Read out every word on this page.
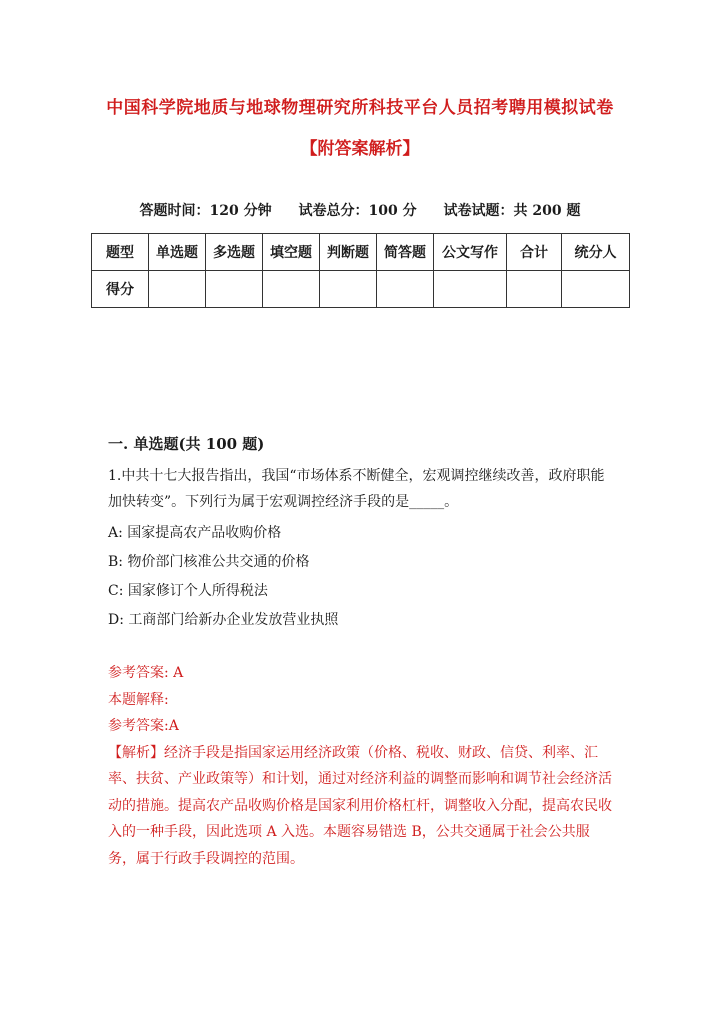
中国科学院地质与地球物理研究所科技平台人员招考聘用模拟试卷
【附答案解析】
答题时间：120 分钟 试卷总分：100 分 试卷试题：共 200 题
题型	单选题	多选题	填空题	判断题	简答题	公文写作	合计	统分人
得分								
一. 单选题(共 100 题)
1.中共十七大报告指出，我国“市场体系不断健全，宏观调控继续改善，政府职能加快转变”。下列行为属于宏观调控经济手段的是_____。
A: 国家提高农产品收购价格
B: 物价部门核准公共交通的价格
C: 国家修订个人所得税法
D: 工商部门给新办企业发放营业执照
参考答案: A
本题解释:
参考答案:A
【解析】经济手段是指国家运用经济政策（价格、税收、财政、信贷、利率、汇率、扶贫、产业政策等）和计划，通过对经济利益的调整而影响和调节社会经济活动的措施。提高农产品收购价格是国家利用价格杠杆，调整收入分配，提高农民收入的一种手段，因此选项 A 入选。本题容易错选 B，公共交通属于社会公共服务，属于行政手段调控的范围。
